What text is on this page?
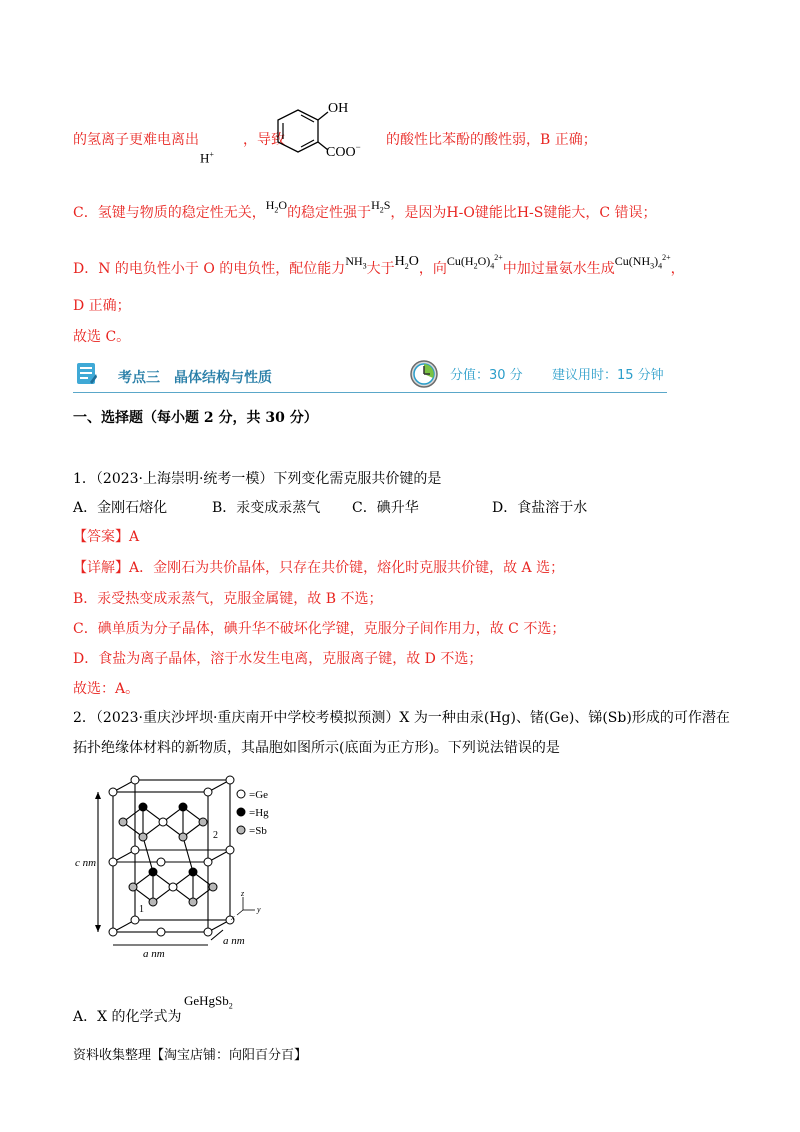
的氢离子更难电离出	，导致
H+
OH
COO− 的酸性比苯酚的酸性弱，B 正确；
C．氢键与物质的稳定性无关，$H_2O$的稳定性强于$H_2S$，是因为H-O键能比H-S键能大，C 错误；
D．N 的电负性小于 O 的电负性，配位能力$NH_3$大于$H_2O$，向$Cu(H_2O)_4^{2+}$中加过量氨水生成$Cu(NH_3)_4^{2+}$，
D 正确；
故选 C。
考点三　晶体结构与性质	分值：30 分 建议用时：15 分钟
一、选择题（每小题 2 分，共 30 分）
1．（2023·上海崇明·统考一模）下列变化需克服共价键的是
A．金刚石熔化	B．汞变成汞蒸气 C．碘升华	D．食盐溶于水
【答案】A
【详解】A．金刚石为共价晶体，只存在共价键，熔化时克服共价键，故 A 选；
B．汞受热变成汞蒸气，克服金属键，故 B 不选；
C．碘单质为分子晶体，碘升华不破坏化学键，克服分子间作用力，故 C 不选；
D．食盐为离子晶体，溶于水发生电离，克服离子键，故 D 不选；
故选：A。
2．（2023·重庆沙坪坝·重庆南开中学校考模拟预测）X 为一种由汞(Hg)、锗(Ge)、锑(Sb)形成的可作潜在
拓扑绝缘体材料的新物质，其晶胞如图所示(底面为正方形)。下列说法错误的是
1
2
c nm
a nm
a nm
=Ge
=Hg
=Sb
z
x
y
A．X 的化学式为
GeHgSb$_2$
资料收集整理【淘宝店铺：向阳百分百】
